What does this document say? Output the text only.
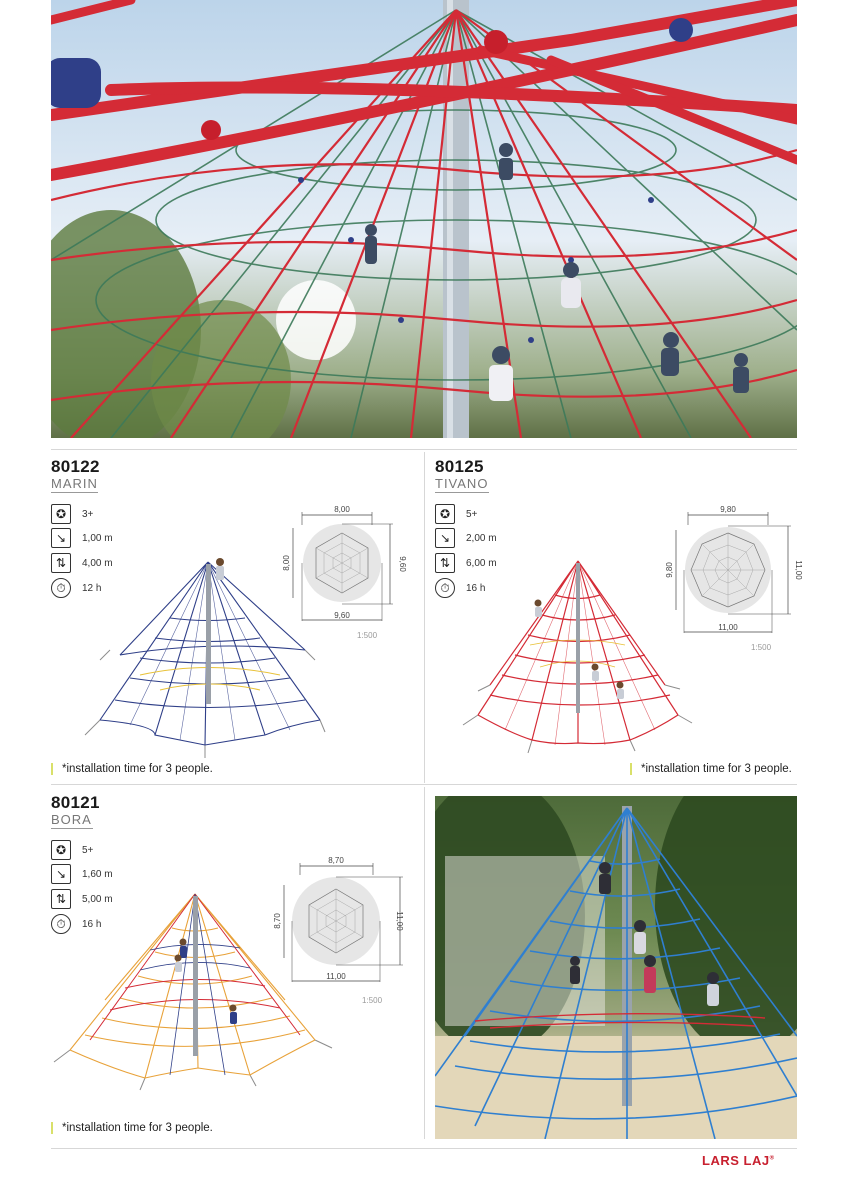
80122
MARIN
✪	3+
↘	1,00 m
⇅	4,00 m
⏱	12 h
8,00
8,00
9,60
9,60
1:500
*installation time for 3 people.
80125
TIVANO
✪	5+
↘	2,00 m
⇅	6,00 m
⏱	16 h
9,80
9,80
11,00
11,00
1:500
*installation time for 3 people.
80121
BORA
✪	5+
↘	1,60 m
⇅	5,00 m
⏱	16 h
8,70
8,70
11,00
11,00
1:500
*installation time for 3 people.
LARS LAJ®
